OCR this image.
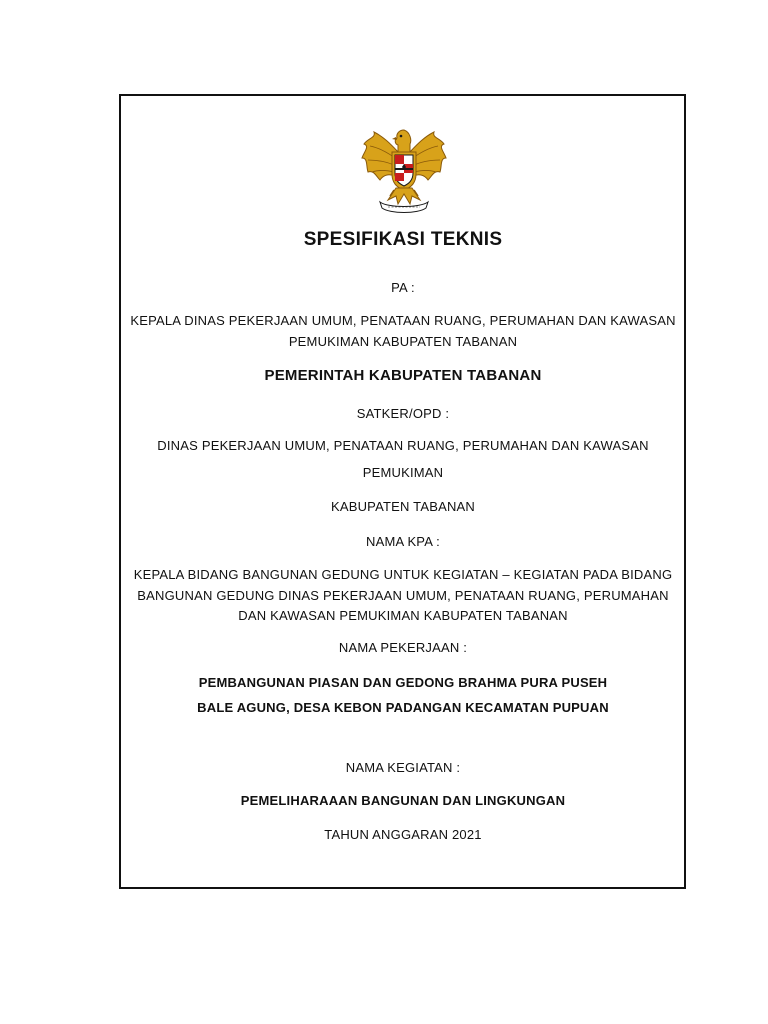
SPESIFIKASI TEKNIS
PA :
KEPALA DINAS PEKERJAAN UMUM, PENATAAN RUANG, PERUMAHAN DAN KAWASAN
PEMUKIMAN KABUPATEN TABANAN
PEMERINTAH KABUPATEN TABANAN
SATKER/OPD :
DINAS PEKERJAAN UMUM, PENATAAN RUANG, PERUMAHAN DAN KAWASAN
PEMUKIMAN
KABUPATEN TABANAN
NAMA KPA :
KEPALA BIDANG BANGUNAN GEDUNG UNTUK KEGIATAN – KEGIATAN PADA BIDANG
BANGUNAN GEDUNG DINAS PEKERJAAN UMUM, PENATAAN RUANG, PERUMAHAN
DAN KAWASAN PEMUKIMAN KABUPATEN TABANAN
NAMA PEKERJAAN :
PEMBANGUNAN PIASAN DAN GEDONG BRAHMA PURA PUSEH
BALE AGUNG, DESA KEBON PADANGAN KECAMATAN PUPUAN
NAMA KEGIATAN :
PEMELIHARAAAN BANGUNAN DAN LINGKUNGAN
TAHUN ANGGARAN 2021
